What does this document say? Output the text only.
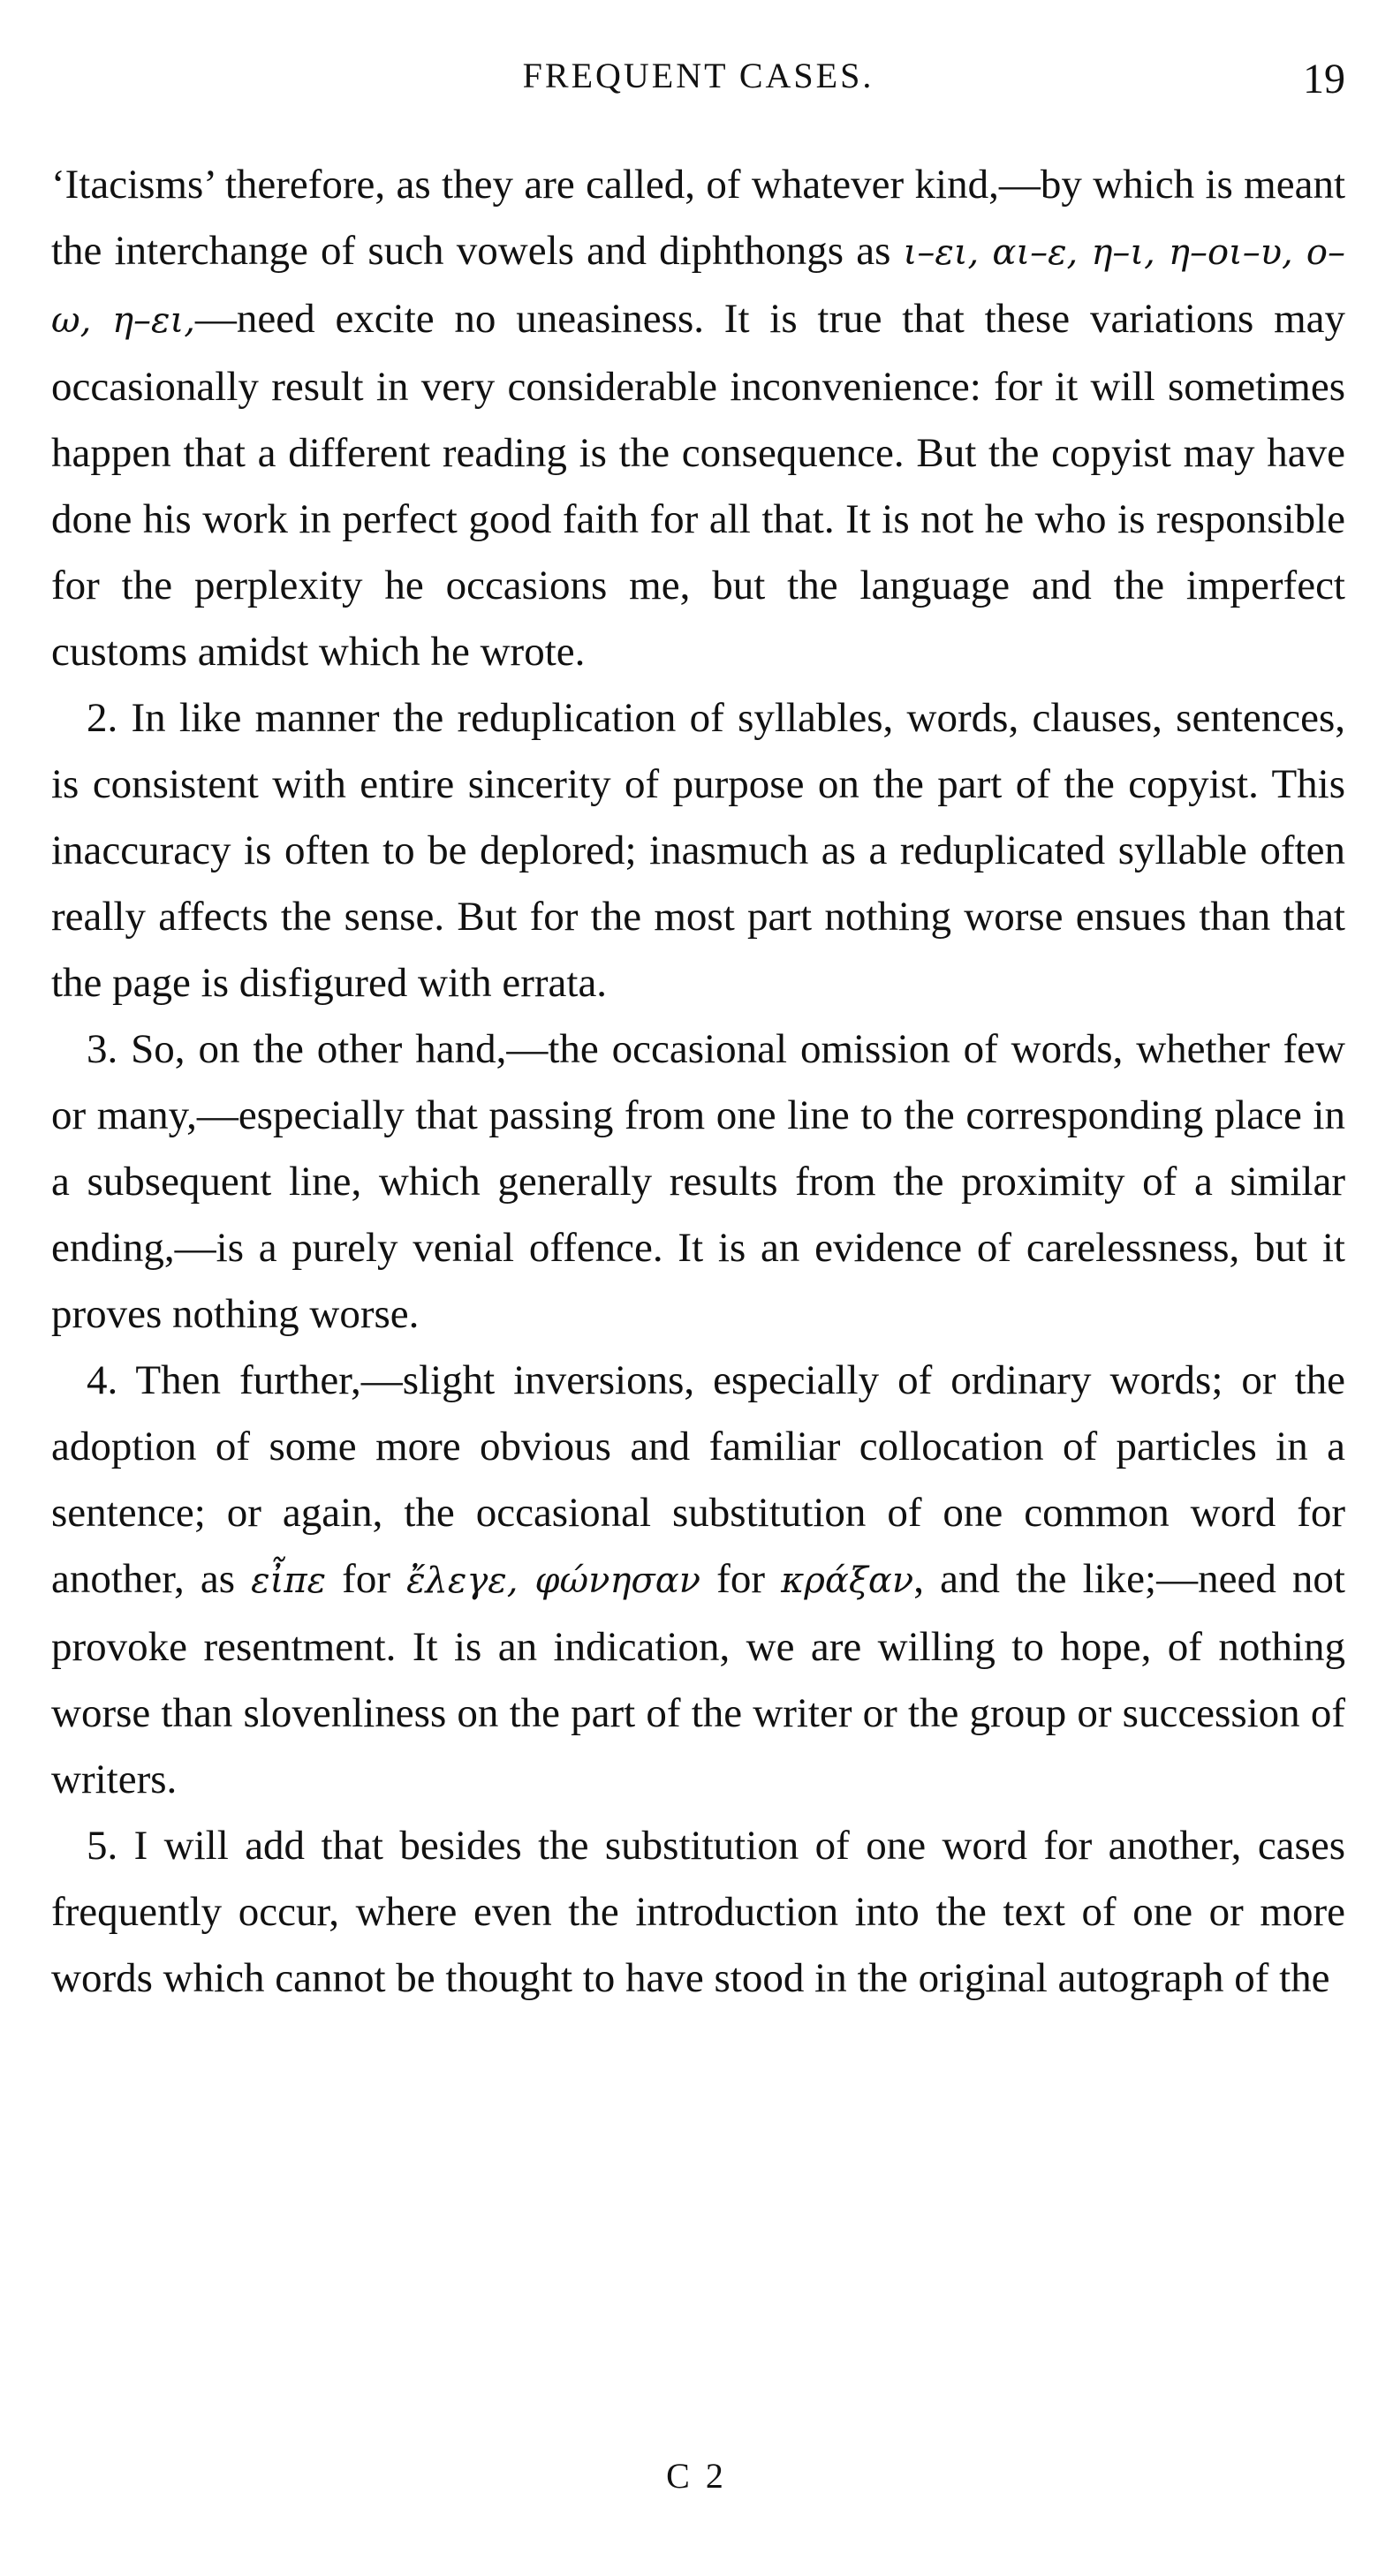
FREQUENT CASES.	19

‘Itacisms’ therefore, as they are called, of whatever kind,—by which is meant the interchange of such vowels and diphthongs as ι–ει, αι–ε, η–ι, η–οι–υ, ο–ω, η–ει,—need excite no uneasiness. It is true that these variations may occasionally result in very considerable inconvenience: for it will sometimes happen that a different reading is the consequence. But the copyist may have done his work in perfect good faith for all that. It is not he who is responsible for the perplexity he occasions me, but the language and the imperfect customs amidst which he wrote.

2. In like manner the reduplication of syllables, words, clauses, sentences, is consistent with entire sincerity of purpose on the part of the copyist. This inaccuracy is often to be deplored; inasmuch as a reduplicated syllable often really affects the sense. But for the most part nothing worse ensues than that the page is disfigured with errata.

3. So, on the other hand,—the occasional omission of words, whether few or many,—especially that passing from one line to the corresponding place in a subsequent line, which generally results from the proximity of a similar ending,—is a purely venial offence. It is an evidence of carelessness, but it proves nothing worse.

4. Then further,—slight inversions, especially of ordinary words; or the adoption of some more obvious and familiar collocation of particles in a sentence; or again, the occasional substitution of one common word for another, as εἶπε for ἔλεγε, φώνησαν for κράξαν, and the like;—need not provoke resentment. It is an indication, we are willing to hope, of nothing worse than slovenliness on the part of the writer or the group or succession of writers.

5. I will add that besides the substitution of one word for another, cases frequently occur, where even the introduction into the text of one or more words which cannot be thought to have stood in the original autograph of the

C 2
